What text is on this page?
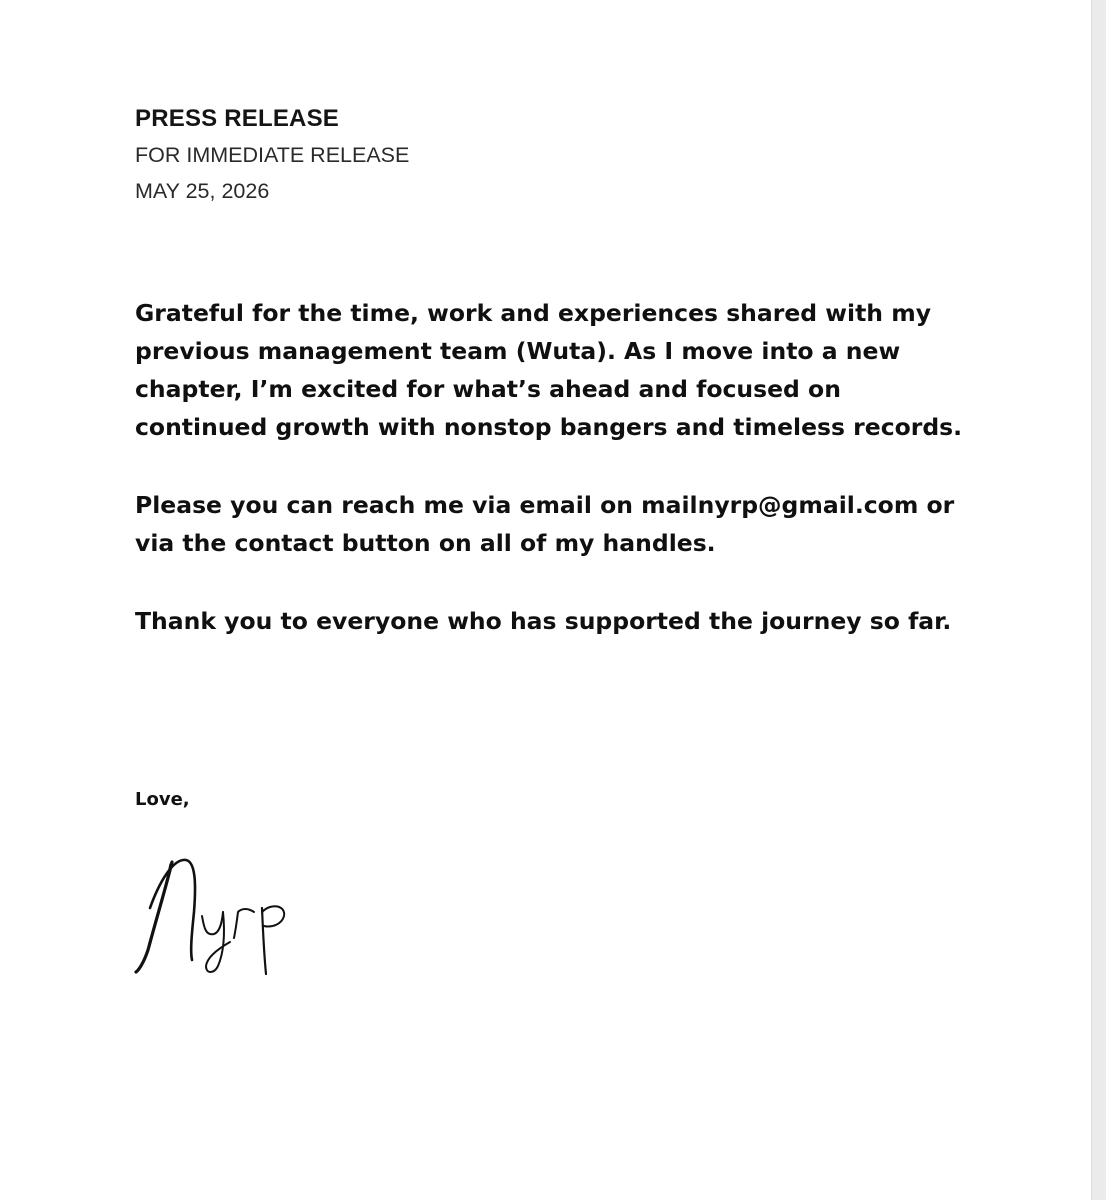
PRESS RELEASE

FOR IMMEDIATE RELEASE

MAY 25, 2026

Grateful for the time, work and experiences shared with my

previous management team (Wuta). As I move into a new

chapter, I’m excited for what’s ahead and focused on

continued growth with nonstop bangers and timeless records.

Please you can reach me via email on mailnyrp@gmail.com or

via the contact button on all of my handles.

Thank you to everyone who has supported the journey so far.

Love,
